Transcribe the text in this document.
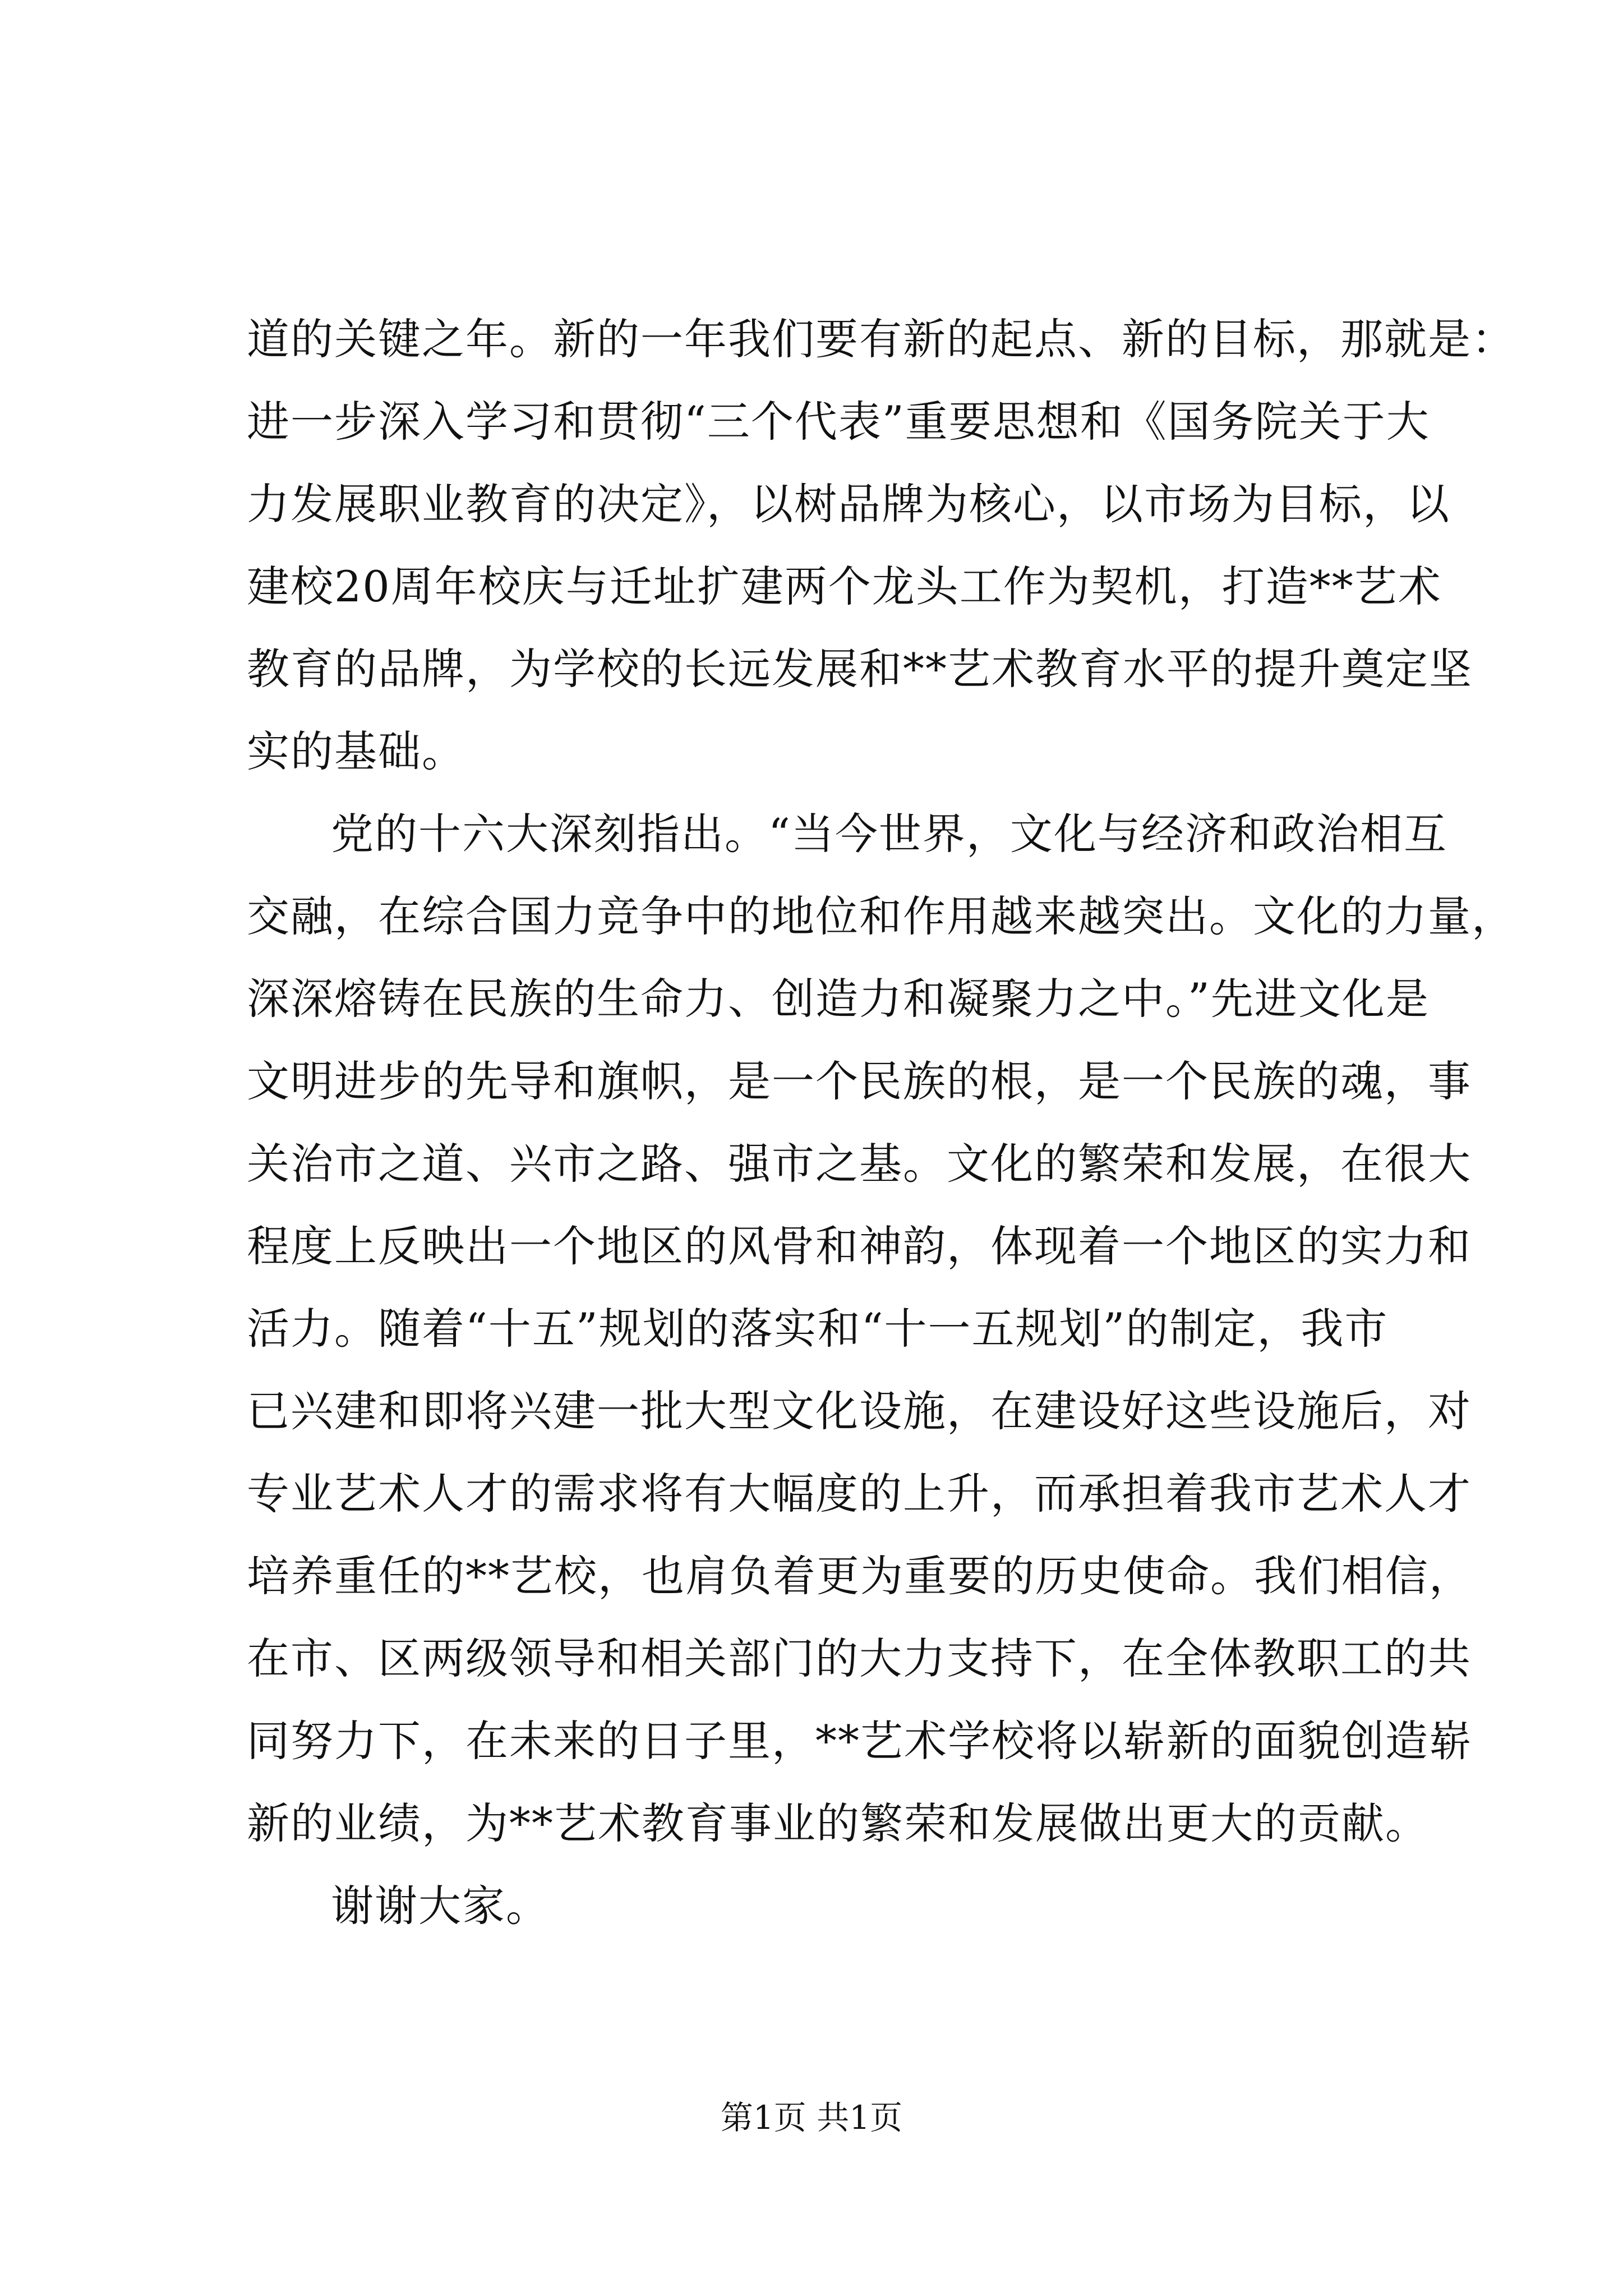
道的关键之年。新的一年我们要有新的起点、新的目标，那就是：
进一步深入学习和贯彻“三个代表”重要思想和《国务院关于大
力发展职业教育的决定》，以树品牌为核心，以市场为目标，以
建校20周年校庆与迁址扩建两个龙头工作为契机，打造**艺术
教育的品牌，为学校的长远发展和**艺术教育水平的提升奠定坚
实的基础。
党的十六大深刻指出。“当今世界，文化与经济和政治相互
交融，在综合国力竞争中的地位和作用越来越突出。文化的力量，
深深熔铸在民族的生命力、创造力和凝聚力之中。”先进文化是
文明进步的先导和旗帜，是一个民族的根，是一个民族的魂，事
关治市之道、兴市之路、强市之基。文化的繁荣和发展，在很大
程度上反映出一个地区的风骨和神韵，体现着一个地区的实力和
活力。随着“十五”规划的落实和“十一五规划”的制定，我市
已兴建和即将兴建一批大型文化设施，在建设好这些设施后，对
专业艺术人才的需求将有大幅度的上升，而承担着我市艺术人才
培养重任的**艺校，也肩负着更为重要的历史使命。我们相信，
在市、区两级领导和相关部门的大力支持下，在全体教职工的共
同努力下，在未来的日子里，**艺术学校将以崭新的面貌创造崭
新的业绩，为**艺术教育事业的繁荣和发展做出更大的贡献。
谢谢大家。
第1页 共1页
